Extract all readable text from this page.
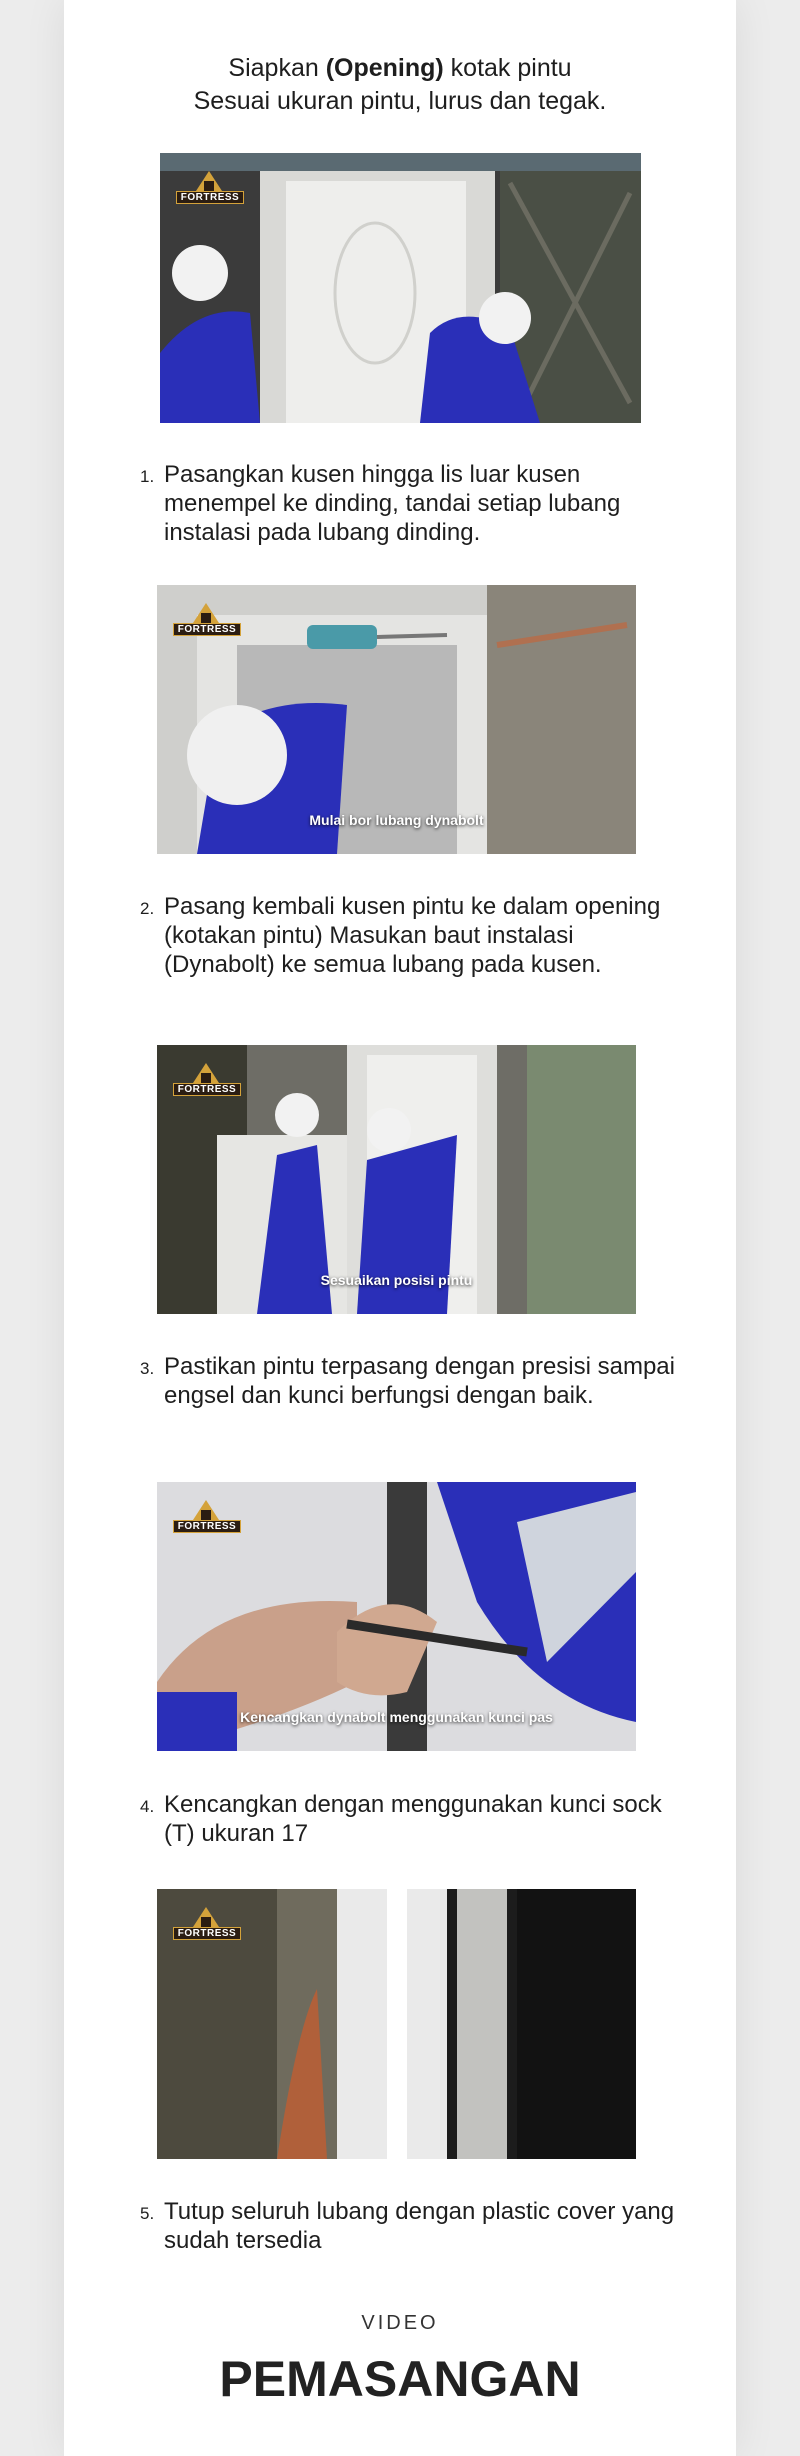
Siapkan (Opening) kotak pintu
Sesuai ukuran pintu, lurus dan tegak.
FORTRESS
1. Pasangkan kusen hingga lis luar kusen menempel ke dinding, tandai setiap lubang instalasi pada lubang dinding.
FORTRESS
Mulai bor lubang dynabolt
2. Pasang kembali kusen pintu ke dalam opening (kotakan pintu) Masukan baut instalasi (Dynabolt) ke semua lubang pada kusen.
FORTRESS
Sesuaikan posisi pintu
3. Pastikan pintu terpasang dengan presisi sampai engsel dan kunci berfungsi dengan baik.
FORTRESS
Kencangkan dynabolt menggunakan kunci pas
4. Kencangkan dengan menggunakan kunci sock (T) ukuran 17
FORTRESS
5. Tutup seluruh lubang dengan plastic cover yang sudah tersedia
VIDEO
PEMASANGAN
